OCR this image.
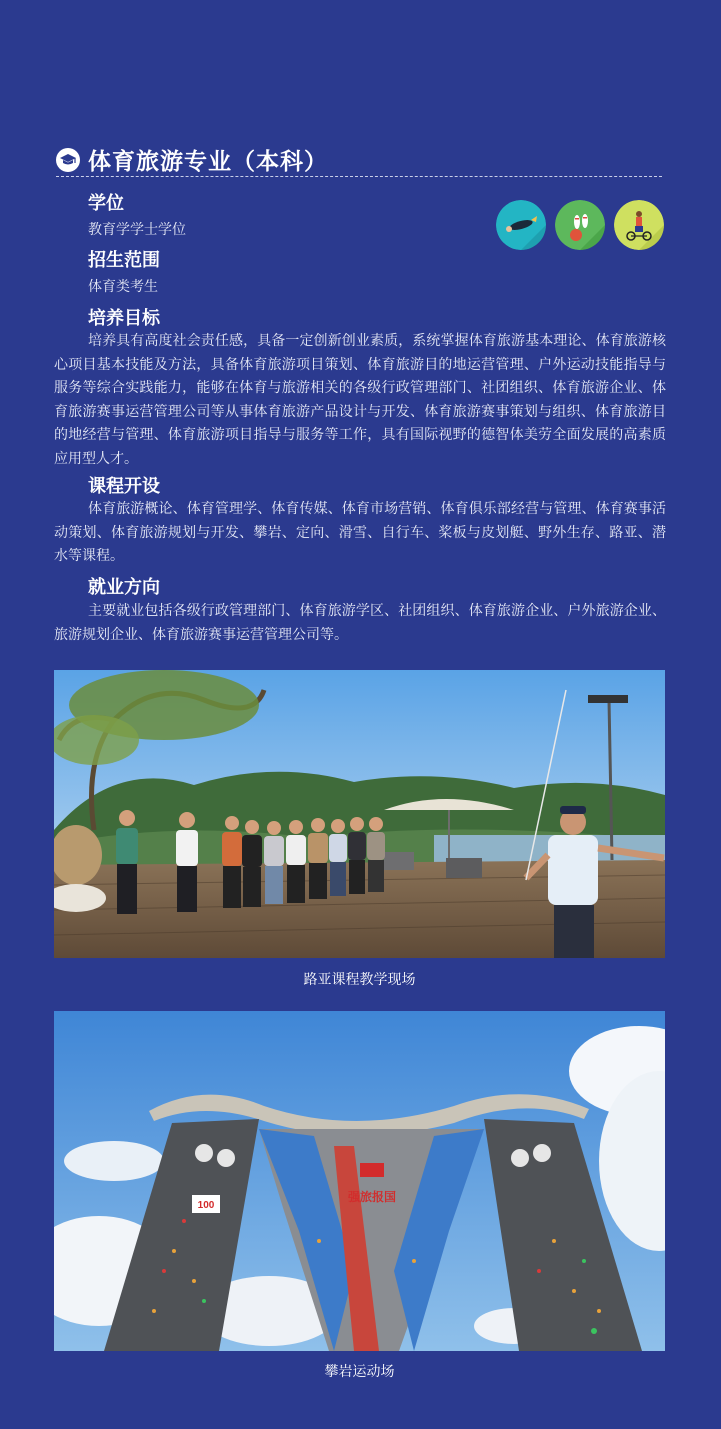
体育旅游专业（本科）
学位
教育学学士学位
招生范围
体育类考生
培养目标

培养具有高度社会责任感，具备一定创新创业素质，系统掌握体育旅游基本理论、体育旅游核心项目基本技能及方法，具备体育旅游项目策划、体育旅游目的地运营管理、户外运动技能指导与服务等综合实践能力，能够在体育与旅游相关的各级行政管理部门、社团组织、体育旅游企业、体育旅游赛事运营管理公司等从事体育旅游产品设计与开发、体育旅游赛事策划与组织、体育旅游目的地经营与管理、体育旅游项目指导与服务等工作，具有国际视野的德智体美劳全面发展的高素质应用型人才。

课程开设

体育旅游概论、体育管理学、体育传媒、体育市场营销、体育俱乐部经营与管理、体育赛事活动策划、体育旅游规划与开发、攀岩、定向、滑雪、自行车、桨板与皮划艇、野外生存、路亚、潜水等课程。

就业方向

主要就业包括各级行政管理部门、体育旅游学区、社团组织、体育旅游企业、户外旅游企业、旅游规划企业、体育旅游赛事运营管理公司等。

路亚课程教学现场
强旅报国
100
攀岩运动场
